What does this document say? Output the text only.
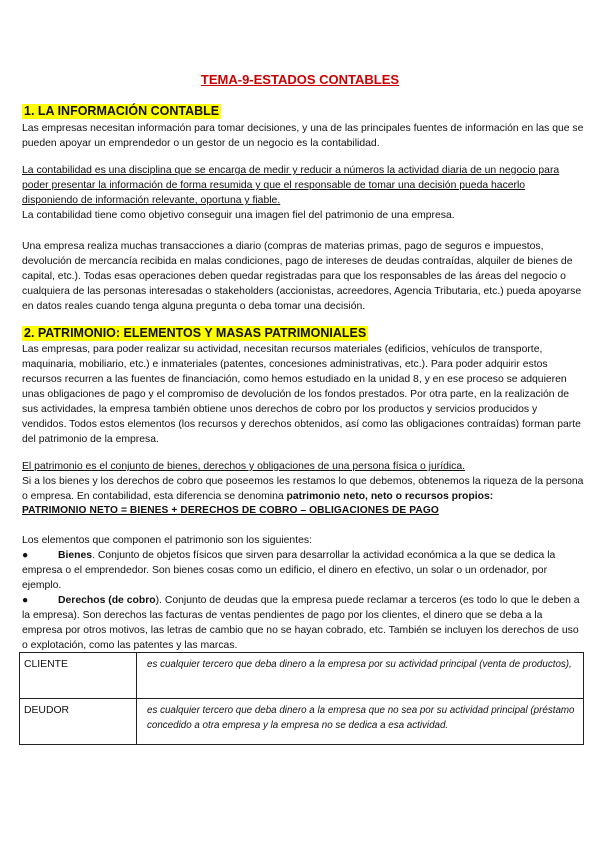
TEMA-9-ESTADOS CONTABLES
1. LA INFORMACIÓN CONTABLE

Las empresas necesitan información para tomar decisiones, y una de las principales fuentes de información en las que se pueden apoyar un emprendedor o un gestor de un negocio es la contabilidad.

La contabilidad es una disciplina que se encarga de medir y reducir a números la actividad diaria de un negocio para poder presentar la información de forma resumida y que el responsable de tomar una decisión pueda hacerlo disponiendo de información relevante, oportuna y fiable.

La contabilidad tiene como objetivo conseguir una imagen fiel del patrimonio de una empresa.

Una empresa realiza muchas transacciones a diario (compras de materias primas, pago de seguros e impuestos, devolución de mercancía recibida en malas condiciones, pago de intereses de deudas contraídas, alquiler de bienes de capital, etc.). Todas esas operaciones deben quedar registradas para que los responsables de las áreas del negocio o cualquiera de las personas interesadas o stakeholders (accionistas, acreedores, Agencia Tributaria, etc.) pueda apoyarse en datos reales cuando tenga alguna pregunta o deba tomar una decisión.

2. PATRIMONIO: ELEMENTOS Y MASAS PATRIMONIALES

Las empresas, para poder realizar su actividad, necesitan recursos materiales (edificios, vehículos de transporte, maquinaria, mobiliario, etc.) e inmateriales (patentes, concesiones administrativas, etc.). Para poder adquirir estos recursos recurren a las fuentes de financiación, como hemos estudiado en la unidad 8, y en ese proceso se adquieren unas obligaciones de pago y el compromiso de devolución de los fondos prestados. Por otra parte, en la realización de sus actividades, la empresa también obtiene unos derechos de cobro por los productos y servicios producidos y vendidos. Todos estos elementos (los recursos y derechos obtenidos, así como las obligaciones contraídas) forman parte del patrimonio de la empresa.

El patrimonio es el conjunto de bienes, derechos y obligaciones de una persona física o jurídica.

Si a los bienes y los derechos de cobro que poseemos les restamos lo que debemos, obtenemos la riqueza de la persona o empresa. En contabilidad, esta diferencia se denomina patrimonio neto, neto o recursos propios:

PATRIMONIO NETO = BIENES + DERECHOS DE COBRO – OBLIGACIONES DE PAGO

Los elementos que componen el patrimonio son los siguientes:

●	Bienes. Conjunto de objetos físicos que sirven para desarrollar la actividad económica a la que se dedica la empresa o el emprendedor. Son bienes cosas como un edificio, el dinero en efectivo, un solar o un ordenador, por ejemplo.

●	Derechos (de cobro). Conjunto de deudas que la empresa puede reclamar a terceros (es todo lo que le deben a la empresa). Son derechos las facturas de ventas pendientes de pago por los clientes, el dinero que se deba a la empresa por otros motivos, las letras de cambio que no se hayan cobrado, etc. También se incluyen los derechos de uso o explotación, como las patentes y las marcas.

CLIENTE	es cualquier tercero que deba dinero a la empresa por su actividad principal (venta de productos),
DEUDOR	es cualquier tercero que deba dinero a la empresa que no sea por su actividad principal (préstamo concedido a otra empresa y la empresa no se dedica a esa actividad.
